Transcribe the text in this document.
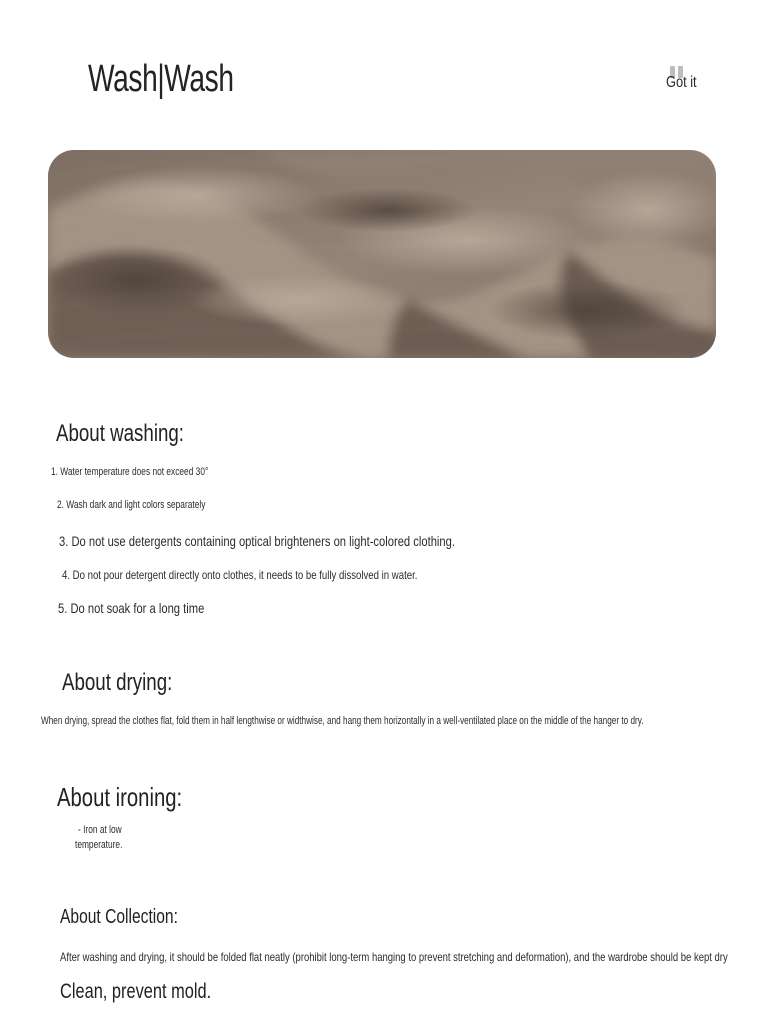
Wash|Wash	Got it
About washing:
1. Water temperature does not exceed 30°
2. Wash dark and light colors separately
3. Do not use detergents containing optical brighteners on light-colored clothing.
4. Do not pour detergent directly onto clothes, it needs to be fully dissolved in water.
5. Do not soak for a long time
About drying:
When drying, spread the clothes flat, fold them in half lengthwise or widthwise, and hang them horizontally in a well-ventilated place on the middle of the hanger to dry.
About ironing:
- Iron at low
temperature.
About Collection:
After washing and drying, it should be folded flat neatly (prohibit long-term hanging to prevent stretching and deformation), and the wardrobe should be kept dry
Clean, prevent mold.
